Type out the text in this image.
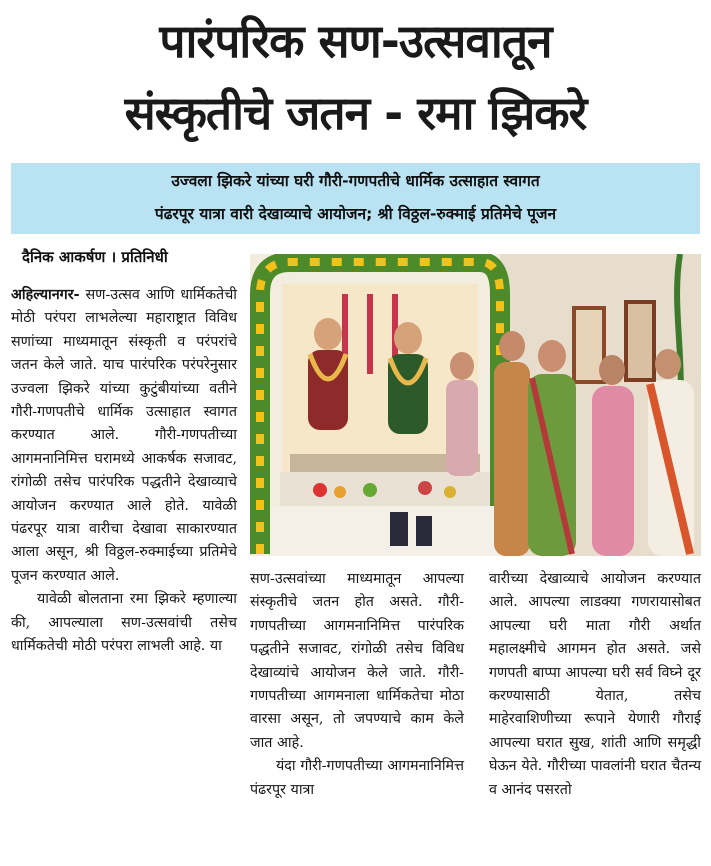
पारंपरिक सण-उत्सवातून
संस्कृतीचे जतन - रमा झिकरे
उज्वला झिकरे यांच्या घरी गौरी-गणपतीचे धार्मिक उत्साहात स्वागत
पंढरपूर यात्रा वारी देखाव्याचे आयोजन; श्री विठ्ठल-रुक्माई प्रतिमेचे पूजन
दैनिक आकर्षण । प्रतिनिधी

अहिल्यानगर- सण-उत्सव आणि धार्मिकतेची मोठी परंपरा लाभलेल्या महाराष्ट्रात विविध सणांच्या माध्यमातून संस्कृती व परंपरांचे जतन केले जाते. याच पारंपरिक परंपरेनुसार उज्वला झिकरे यांच्या कुटुंबीयांच्या वतीने गौरी-गणपतीचे धार्मिक उत्साहात स्वागत करण्यात आले. गौरी-गणपतीच्या आगमनानिमित्त घरामध्ये आकर्षक सजावट, रांगोळी तसेच पारंपरिक पद्धतीने देखाव्याचे आयोजन करण्यात आले होते. यावेळी पंढरपूर यात्रा वारीचा देखावा साकारण्यात आला असून, श्री विठ्ठल-रुक्माईच्या प्रतिमेचे पूजन करण्यात आले.

यावेळी बोलताना रमा झिकरे म्हणाल्या की, आपल्याला सण-उत्सवांची तसेच धार्मिकतेची मोठी परंपरा लाभली आहे. या

सण-उत्सवांच्या माध्यमातून आपल्या संस्कृतीचे जतन होत असते. गौरी-गणपतीच्या आगमनानिमित्त पारंपरिक पद्धतीने सजावट, रांगोळी तसेच विविध देखाव्यांचे आयोजन केले जाते. गौरी-गणपतीच्या आगमनाला धार्मिकतेचा मोठा वारसा असून, तो जपण्याचे काम केले जात आहे.

यंदा गौरी-गणपतीच्या आगमनानिमित्त पंढरपूर यात्रा

वारीच्या देखाव्याचे आयोजन करण्यात आले. आपल्या लाडक्या गणरायासोबत आपल्या घरी माता गौरी अर्थात महालक्ष्मीचे आगमन होत असते. जसे गणपती बाप्पा आपल्या घरी सर्व विघ्ने दूर करण्यासाठी येतात, तसेच माहेरवाशिणीच्या रूपाने येणारी गौराई आपल्या घरात सुख, शांती आणि समृद्धी घेऊन येते. गौरीच्या पावलांनी घरात चैतन्य व आनंद पसरतो
